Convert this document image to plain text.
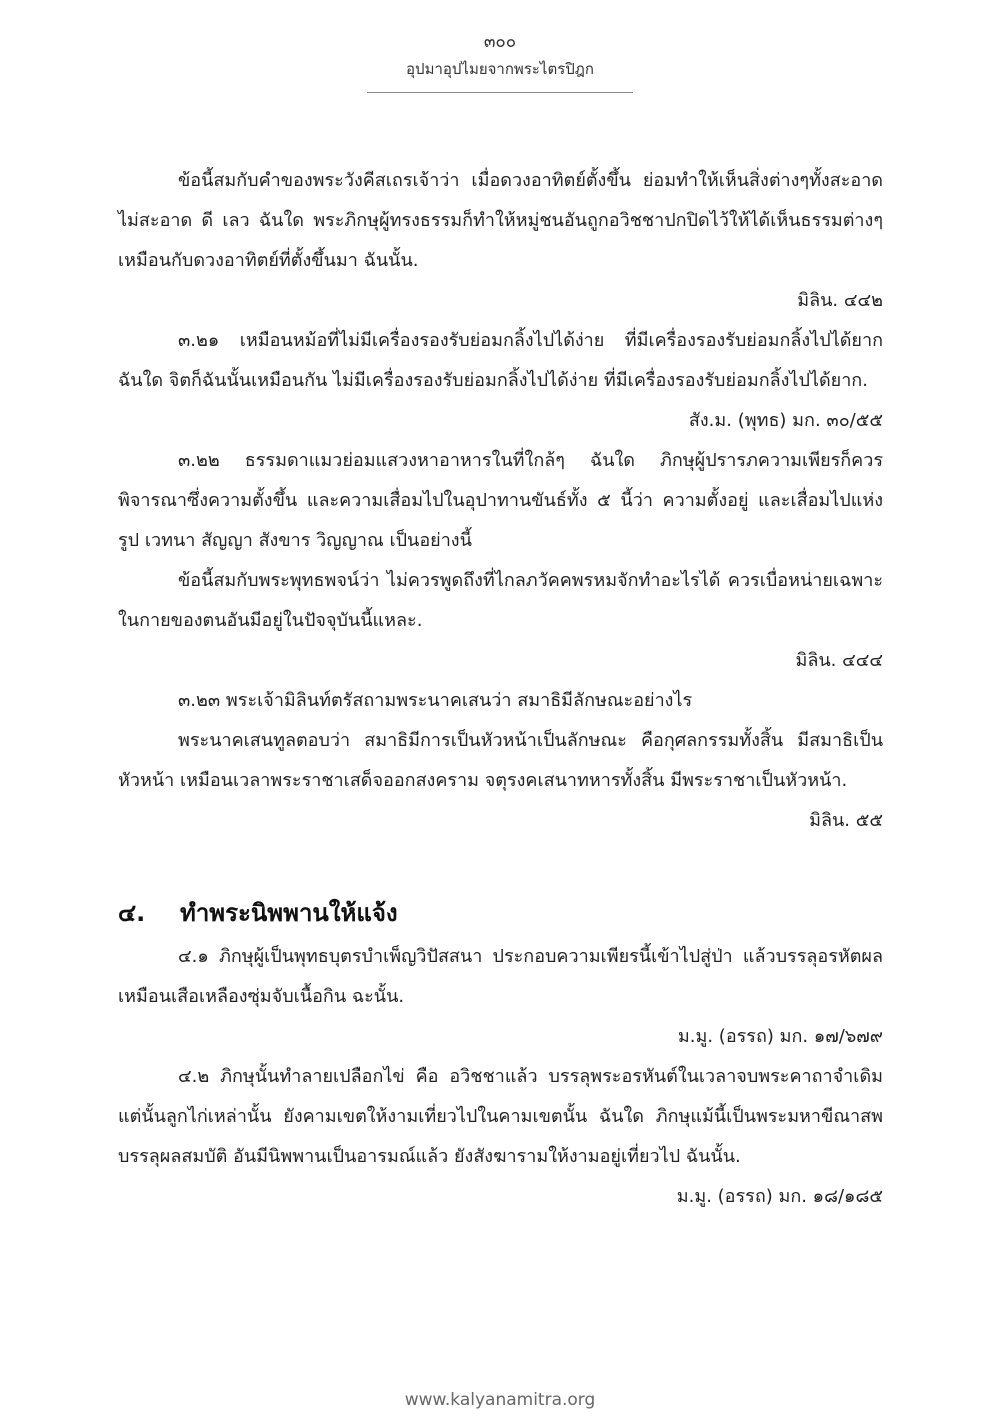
๓๐๐
อุปมาอุปไมยจากพระไตรปิฎก

ข้อนี้สมกับคำของพระวังคีสเถรเจ้าว่า เมื่อดวงอาทิตย์ตั้งขึ้น ย่อมทำให้เห็นสิ่งต่างๆทั้งสะอาด ไม่สะอาด ดี เลว ฉันใด พระภิกษุผู้ทรงธรรมก็ทำให้หมู่ชนอันถูกอวิชชาปกปิดไว้ให้ได้เห็นธรรมต่างๆ เหมือนกับดวงอาทิตย์ที่ตั้งขึ้นมา ฉันนั้น.

มิลิน. ๔๔๒

๓.๒๑ เหมือนหม้อที่ไม่มีเครื่องรองรับย่อมกลิ้งไปได้ง่าย ที่มีเครื่องรองรับย่อมกลิ้งไปได้ยาก ฉันใด จิตก็ฉันนั้นเหมือนกัน ไม่มีเครื่องรองรับย่อมกลิ้งไปได้ง่าย ที่มีเครื่องรองรับย่อมกลิ้งไปได้ยาก.

สัง.ม. (พุทธ) มก. ๓๐/๕๕

๓.๒๒ ธรรมดาแมวย่อมแสวงหาอาหารในที่ใกล้ๆ ฉันใด ภิกษุผู้ปรารภความเพียรก็ควรพิจารณาซึ่งความตั้งขึ้น และความเสื่อมไปในอุปาทานขันธ์ทั้ง ๕ นี้ว่า ความตั้งอยู่ และเสื่อมไปแห่งรูป เวทนา สัญญา สังขาร วิญญาณ เป็นอย่างนี้

ข้อนี้สมกับพระพุทธพจน์ว่า ไม่ควรพูดถึงที่ไกลภวัคคพรหมจักทำอะไรได้ ควรเบื่อหน่ายเฉพาะในกายของตนอันมีอยู่ในปัจจุบันนี้แหละ.

มิลิน. ๔๔๔

๓.๒๓ พระเจ้ามิลินท์ตรัสถามพระนาคเสนว่า สมาธิมีลักษณะอย่างไร

พระนาคเสนทูลตอบว่า สมาธิมีการเป็นหัวหน้าเป็นลักษณะ คือกุศลกรรมทั้งสิ้น มีสมาธิเป็นหัวหน้า เหมือนเวลาพระราชาเสด็จออกสงคราม จตุรงคเสนาทหารทั้งสิ้น มีพระราชาเป็นหัวหน้า.

มิลิน. ๕๕

๔. ทำพระนิพพานให้แจ้ง

๔.๑ ภิกษุผู้เป็นพุทธบุตรบำเพ็ญวิปัสสนา ประกอบความเพียรนี้เข้าไปสู่ป่า แล้วบรรลุอรหัตผล เหมือนเสือเหลืองซุ่มจับเนื้อกิน ฉะนั้น.

ม.มู. (อรรถ) มก. ๑๗/๖๗๙

๔.๒ ภิกษุนั้นทำลายเปลือกไข่ คือ อวิชชาแล้ว บรรลุพระอรหันต์ในเวลาจบพระคาถาจำเดิมแต่นั้นลูกไก่เหล่านั้น ยังคามเขตให้งามเที่ยวไปในคามเขตนั้น ฉันใด ภิกษุแม้นี้เป็นพระมหาขีณาสพบรรลุผลสมบัติ อันมีนิพพานเป็นอารมณ์แล้ว ยังสังฆารามให้งามอยู่เที่ยวไป ฉันนั้น.

ม.มู. (อรรถ) มก. ๑๘/๑๘๕

www.kalyanamitra.org
